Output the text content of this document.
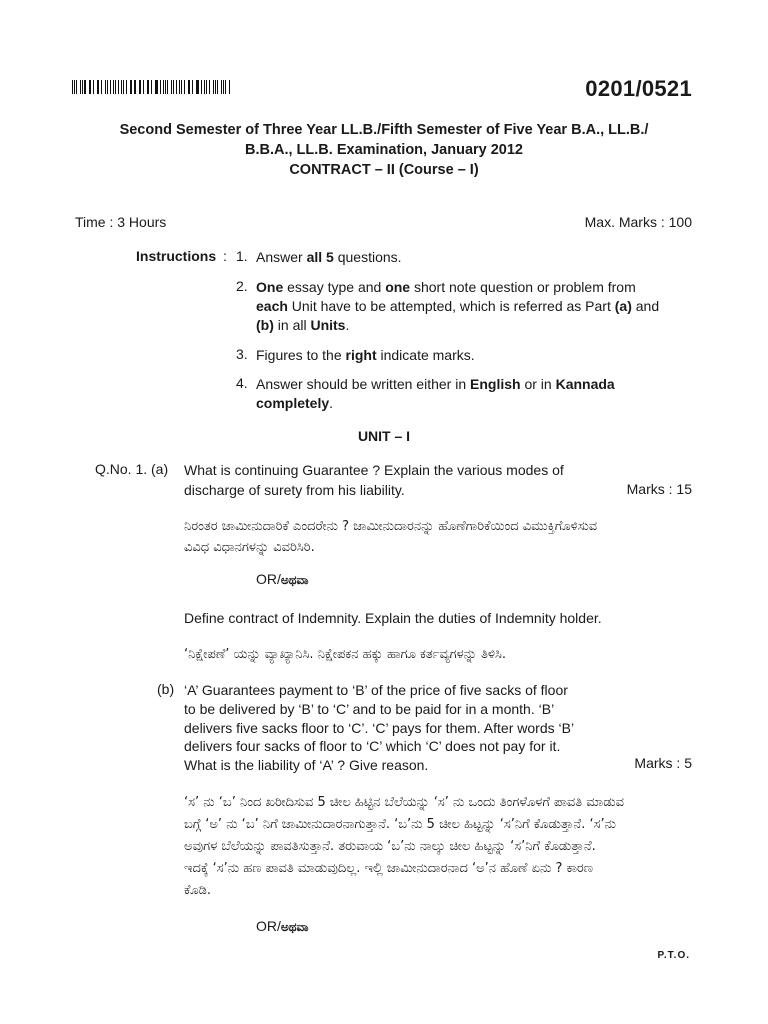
0201/0521
Second Semester of Three Year LL.B./Fifth Semester of Five Year B.A., LL.B./
B.B.A., LL.B. Examination, January 2012
CONTRACT – II (Course – I)
Time : 3 Hours	Max. Marks : 100
Instructions : 1. Answer all 5 questions.
2. One essay type and one short note question or problem from each Unit have to be attempted, which is referred as Part (a) and (b) in all Units.
3. Figures to the right indicate marks.
4. Answer should be written either in English or in Kannada completely.
UNIT – I
Q.No. 1. (a) What is continuing Guarantee ? Explain the various modes of discharge of surety from his liability.	Marks : 15
ನಿರಂತರ ಜಾಮೀನುದಾರಿಕೆ ಎಂದರೇನು ? ಜಾಮೀನುದಾರನನ್ನು ಹೊಣೆಗಾರಿಕೆಯಿಂದ ವಿಮುಕ್ತಿಗೊಳಿಸುವ ವಿವಿಧ ವಿಧಾನಗಳನ್ನು ವಿವರಿಸಿರಿ.
OR/ಅಥವಾ
Define contract of Indemnity. Explain the duties of Indemnity holder.
‘ನಿಕ್ಷೇಪಣೆ’ ಯನ್ನು ವ್ಯಾಖ್ಯಾನಿಸಿ. ನಿಕ್ಷೇಪಕನ ಹಕ್ಕು ಹಾಗೂ ಕರ್ತವ್ಯಗಳನ್ನು ತಿಳಿಸಿ.
(b) ‘A’ Guarantees payment to ‘B’ of the price of five sacks of floor to be delivered by ‘B’ to ‘C’ and to be paid for in a month. ‘B’ delivers five sacks floor to ‘C’. ‘C’ pays for them. After words ‘B’ delivers four sacks of floor to ‘C’ which ‘C’ does not pay for it. What is the liability of ‘A’ ? Give reason.	Marks : 5
‘ಸ’ ನು ‘ಬ’ ನಿಂದ ಖರೀದಿಸುವ 5 ಚೀಲ ಹಿಟ್ಟಿನ ಬೆಲೆಯನ್ನು ‘ಸ’ ನು ಒಂದು ತಿಂಗಳೊಳಗೆ ಪಾವತಿ ಮಾಡುವ ಬಗ್ಗೆ ‘ಅ’ ನು ‘ಬ’ ನಿಗೆ ಜಾಮೀನುದಾರನಾಗುತ್ತಾನೆ. ‘ಬ’ನು 5 ಚೀಲ ಹಿಟ್ಟನ್ನು ‘ಸ’ನಿಗೆ ಕೊಡುತ್ತಾನೆ. ‘ಸ’ನು ಅವುಗಳ ಬೆಲೆಯನ್ನು ಪಾವತಿಸುತ್ತಾನೆ. ತರುವಾಯ ‘ಬ’ನು ನಾಲ್ಕು ಚೀಲ ಹಿಟ್ಟನ್ನು ‘ಸ’ನಿಗೆ ಕೊಡುತ್ತಾನೆ. ಇದಕ್ಕೆ ‘ಸ’ನು ಹಣ ಪಾವತಿ ಮಾಡುವುದಿಲ್ಲ. ಇಲ್ಲಿ ಜಾಮೀನುದಾರನಾದ ‘ಅ’ನ ಹೊಣೆ ಏನು ? ಕಾರಣ ಕೊಡಿ.
OR/ಅಥವಾ
P.T.O.
